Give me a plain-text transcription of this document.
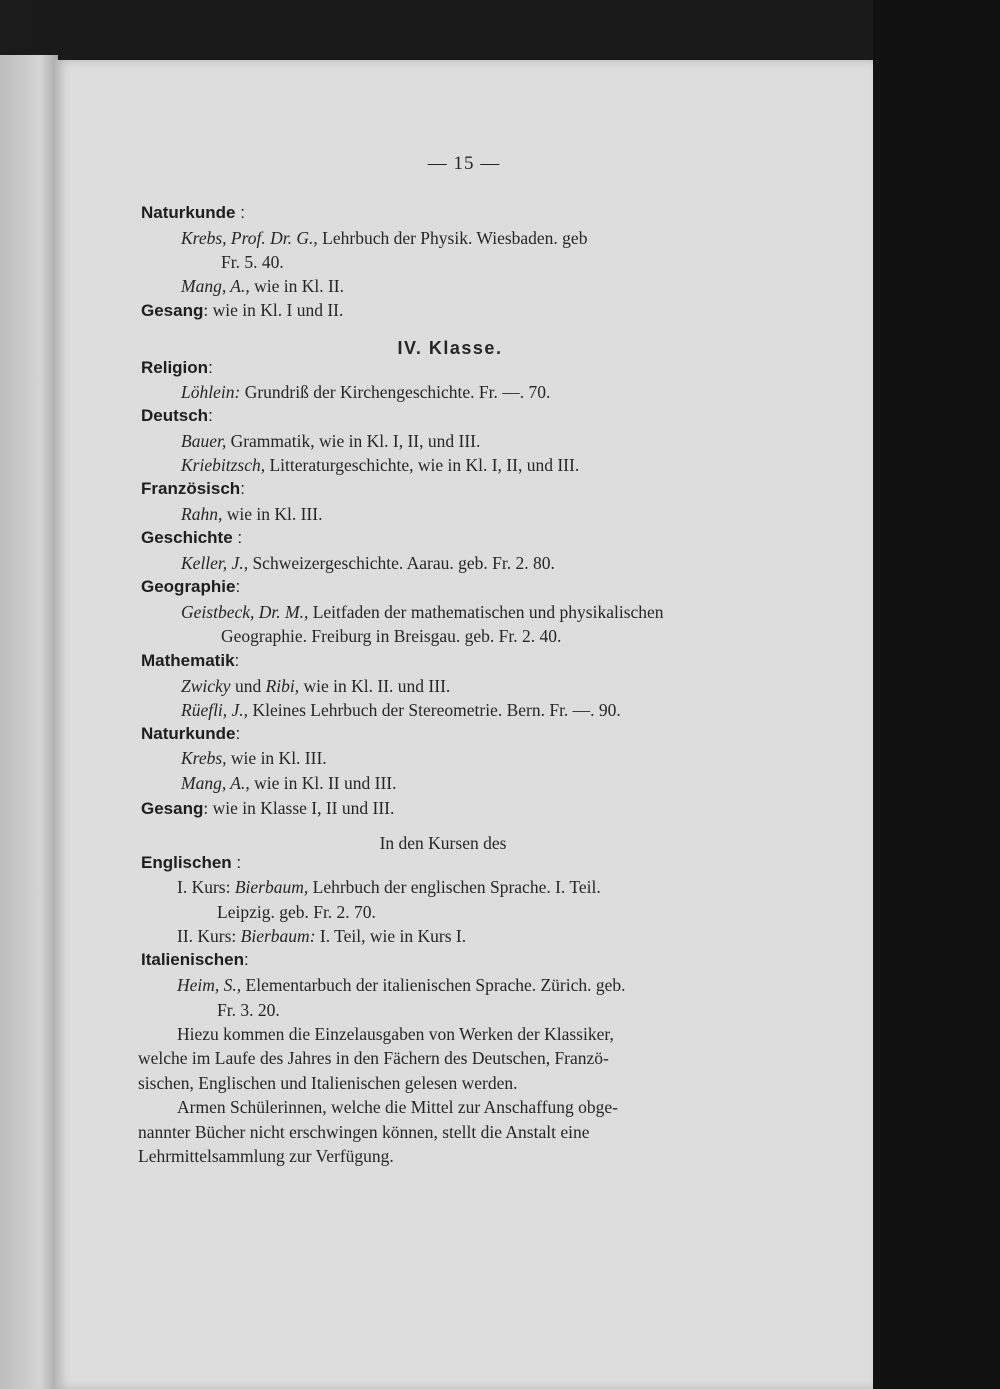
— 15 —
Naturkunde :
Krebs, Prof. Dr. G., Lehrbuch der Physik. Wiesbaden. geb
Fr. 5. 40.
Mang, A., wie in Kl. II.
Gesang: wie in Kl. I und II.
IV. Klasse.
Religion:
Löhlein: Grundriß der Kirchengeschichte. Fr. —. 70.
Deutsch:
Bauer, Grammatik, wie in Kl. I, II, und III.
Kriebitzsch, Litteraturgeschichte, wie in Kl. I, II, und III.
Französisch:
Rahn, wie in Kl. III.
Geschichte :
Keller, J., Schweizergeschichte. Aarau. geb. Fr. 2. 80.
Geographie:
Geistbeck, Dr. M., Leitfaden der mathematischen und physikalischen
Geographie. Freiburg in Breisgau. geb. Fr. 2. 40.
Mathematik:
Zwicky und Ribi, wie in Kl. II. und III.
Rüefli, J., Kleines Lehrbuch der Stereometrie. Bern. Fr. —. 90.
Naturkunde:
Krebs, wie in Kl. III.
Mang, A., wie in Kl. II und III.
Gesang: wie in Klasse I, II und III.
In den Kursen des
Englischen :
I. Kurs: Bierbaum, Lehrbuch der englischen Sprache. I. Teil.
Leipzig. geb. Fr. 2. 70.
II. Kurs: Bierbaum: I. Teil, wie in Kurs I.
Italienischen:
Heim, S., Elementarbuch der italienischen Sprache. Zürich. geb.
Fr. 3. 20.
Hiezu kommen die Einzelausgaben von Werken der Klassiker,
welche im Laufe des Jahres in den Fächern des Deutschen, Franzö-
sischen, Englischen und Italienischen gelesen werden.
Armen Schülerinnen, welche die Mittel zur Anschaffung obge-
nannter Bücher nicht erschwingen können, stellt die Anstalt eine
Lehrmittelsammlung zur Verfügung.
